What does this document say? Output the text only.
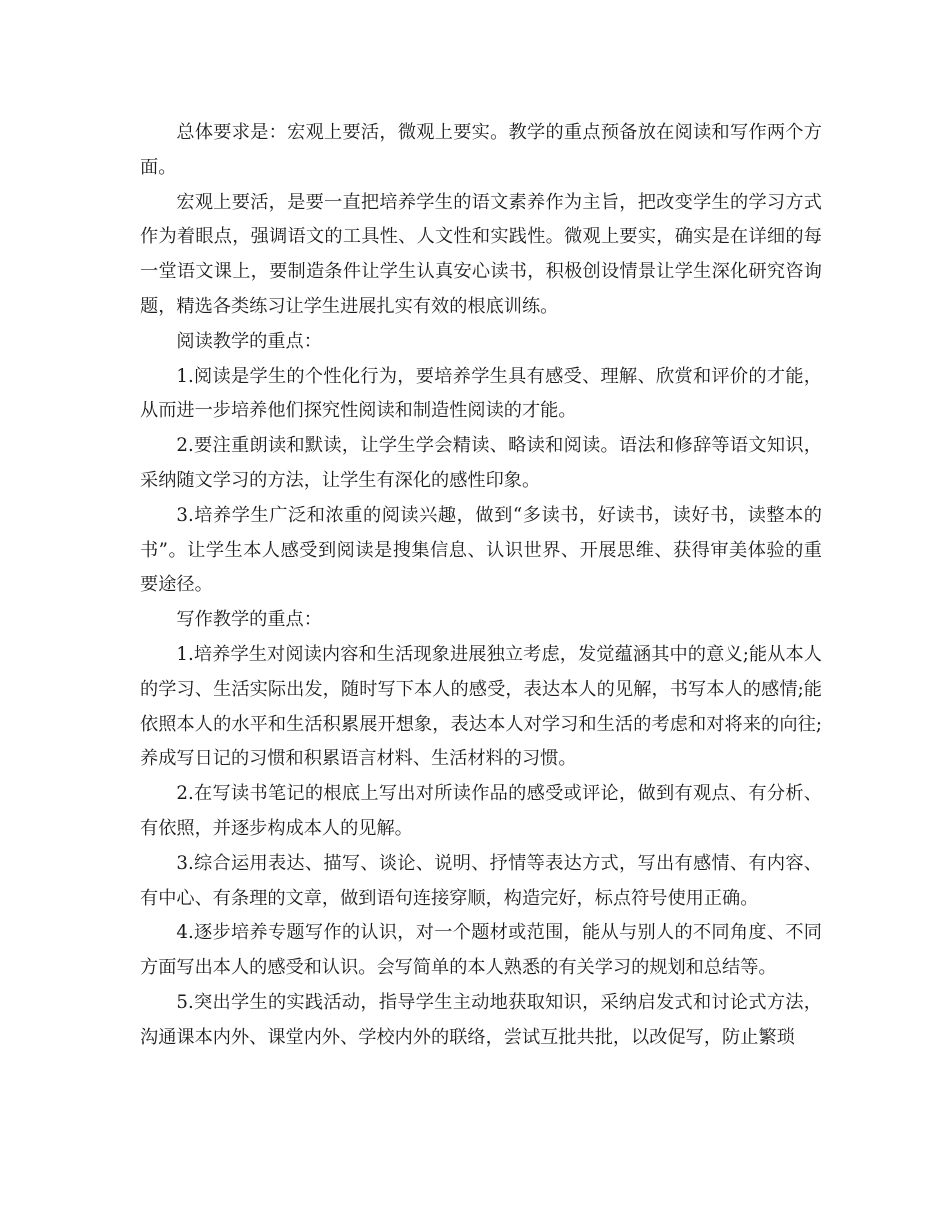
总体要求是：宏观上要活，微观上要实。教学的重点预备放在阅读和写作两个方面。

宏观上要活，是要一直把培养学生的语文素养作为主旨，把改变学生的学习方式作为着眼点，强调语文的工具性、人文性和实践性。微观上要实，确实是在详细的每一堂语文课上，要制造条件让学生认真安心读书，积极创设情景让学生深化研究咨询题，精选各类练习让学生进展扎实有效的根底训练。

阅读教学的重点：

1.阅读是学生的个性化行为，要培养学生具有感受、理解、欣赏和评价的才能，从而进一步培养他们探究性阅读和制造性阅读的才能。

2.要注重朗读和默读，让学生学会精读、略读和阅读。语法和修辞等语文知识，采纳随文学习的方法，让学生有深化的感性印象。

3.培养学生广泛和浓重的阅读兴趣，做到“多读书，好读书，读好书，读整本的书”。让学生本人感受到阅读是搜集信息、认识世界、开展思维、获得审美体验的重要途径。

写作教学的重点：

1.培养学生对阅读内容和生活现象进展独立考虑，发觉蕴涵其中的意义;能从本人的学习、生活实际出发，随时写下本人的感受，表达本人的见解，书写本人的感情;能依照本人的水平和生活积累展开想象，表达本人对学习和生活的考虑和对将来的向往;养成写日记的习惯和积累语言材料、生活材料的习惯。

2.在写读书笔记的根底上写出对所读作品的感受或评论，做到有观点、有分析、有依照，并逐步构成本人的见解。

3.综合运用表达、描写、谈论、说明、抒情等表达方式，写出有感情、有内容、有中心、有条理的文章，做到语句连接穿顺，构造完好，标点符号使用正确。

4.逐步培养专题写作的认识，对一个题材或范围，能从与别人的不同角度、不同方面写出本人的感受和认识。会写简单的本人熟悉的有关学习的规划和总结等。

5.突出学生的实践活动，指导学生主动地获取知识，采纳启发式和讨论式方法，沟通课本内外、课堂内外、学校内外的联络，尝试互批共批，以改促写，防止繁琐
